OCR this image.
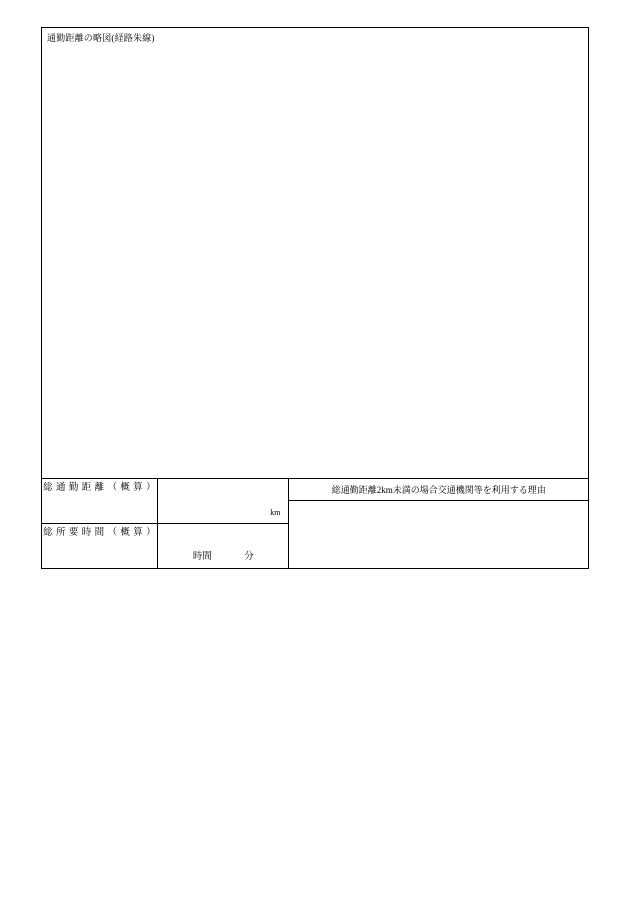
通勤距離の略図(経路朱線)		

総 通 勤 距 離 （ 概 算 ）	km	総通勤距離2km未満の場合交通機関等を利用する理由

総 所 要 時 間 （ 概 算 ）	時間 分	
